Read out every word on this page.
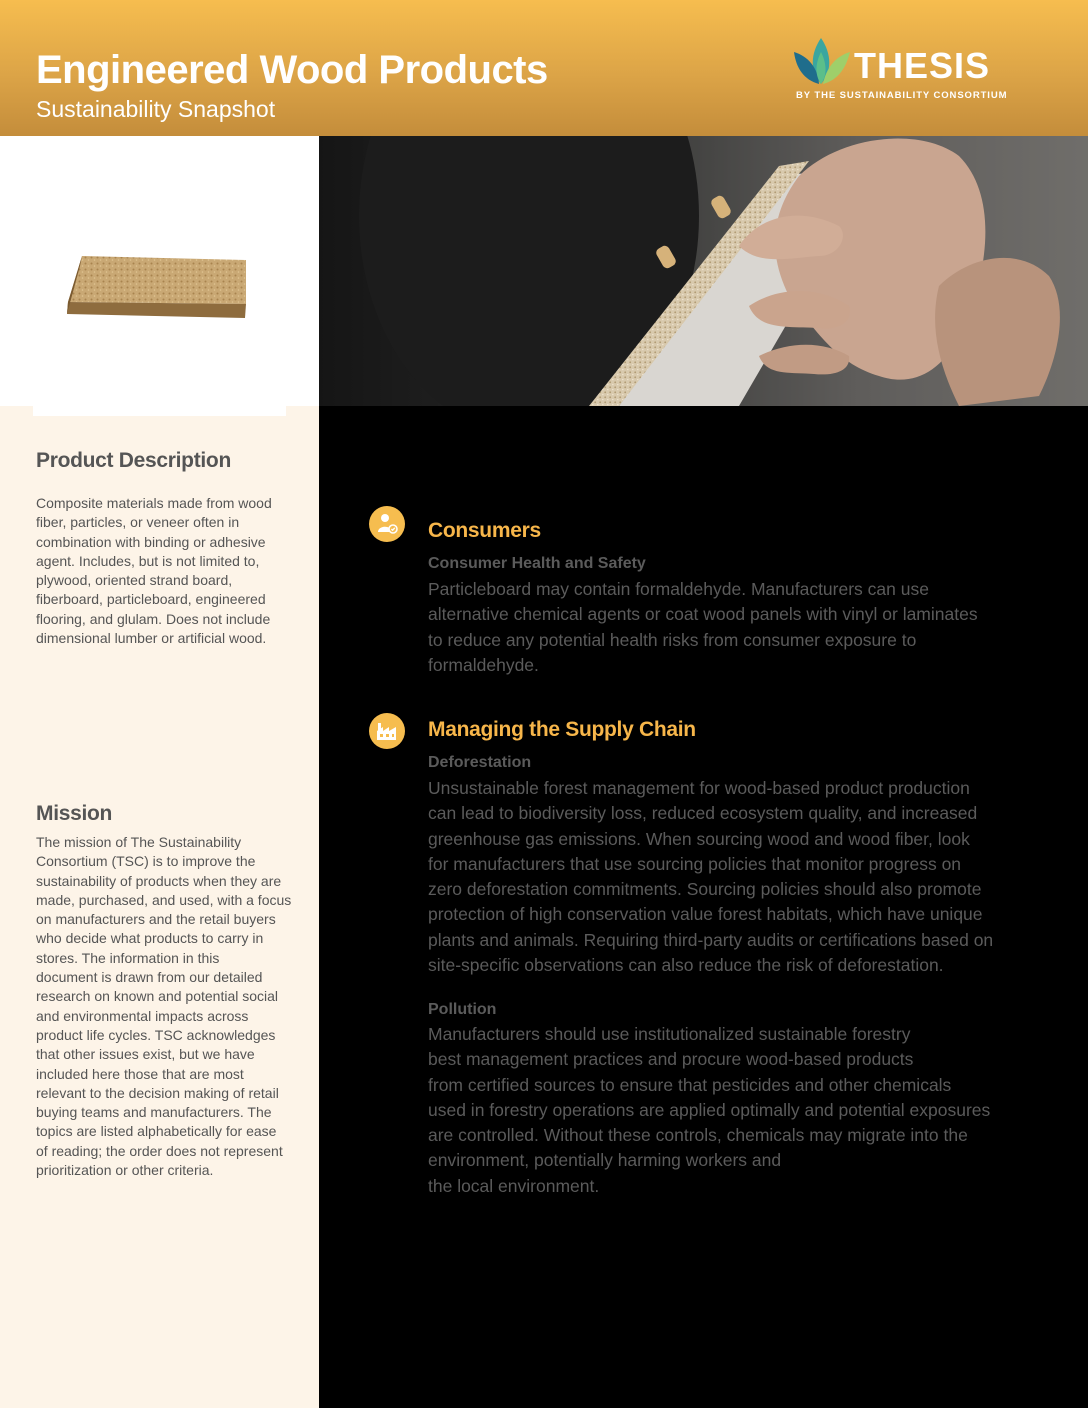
Engineered Wood Products
Sustainability Snapshot
THESIS
BY THE SUSTAINABILITY CONSORTIUM
Product Description

Composite materials made from wood
fiber, particles, or veneer often in
combination with binding or adhesive
agent. Includes, but is not limited to,
plywood, oriented strand board,
fiberboard, particleboard, engineered
flooring, and glulam. Does not include
dimensional lumber or artificial wood.

Mission

The mission of The Sustainability
Consortium (TSC) is to improve the
sustainability of products when they are
made, purchased, and used, with a focus
on manufacturers and the retail buyers
who decide what products to carry in
stores. The information in this
document is drawn from our detailed
research on known and potential social
and environmental impacts across
product life cycles. TSC acknowledges
that other issues exist, but we have
included here those that are most
relevant to the decision making of retail
buying teams and manufacturers. The
topics are listed alphabetically for ease
of reading; the order does not represent
prioritization or other criteria.

Consumers
Consumer Health and Safety

Particleboard may contain formaldehyde. Manufacturers can use
alternative chemical agents or coat wood panels with vinyl or laminates
to reduce any potential health risks from consumer exposure to
formaldehyde.

Managing the Supply Chain
Deforestation

Unsustainable forest management for wood-based product production
can lead to biodiversity loss, reduced ecosystem quality, and increased
greenhouse gas emissions. When sourcing wood and wood fiber, look
for manufacturers that use sourcing policies that monitor progress on
zero deforestation commitments. Sourcing policies should also promote
protection of high conservation value forest habitats, which have unique
plants and animals. Requiring third-party audits or certifications based on
site-specific observations can also reduce the risk of deforestation.

Pollution

Manufacturers should use institutionalized sustainable forestry
best management practices and procure wood-based products
from certified sources to ensure that pesticides and other chemicals
used in forestry operations are applied optimally and potential exposures
are controlled. Without these controls, chemicals may migrate into the
environment, potentially harming workers and
the local environment.
